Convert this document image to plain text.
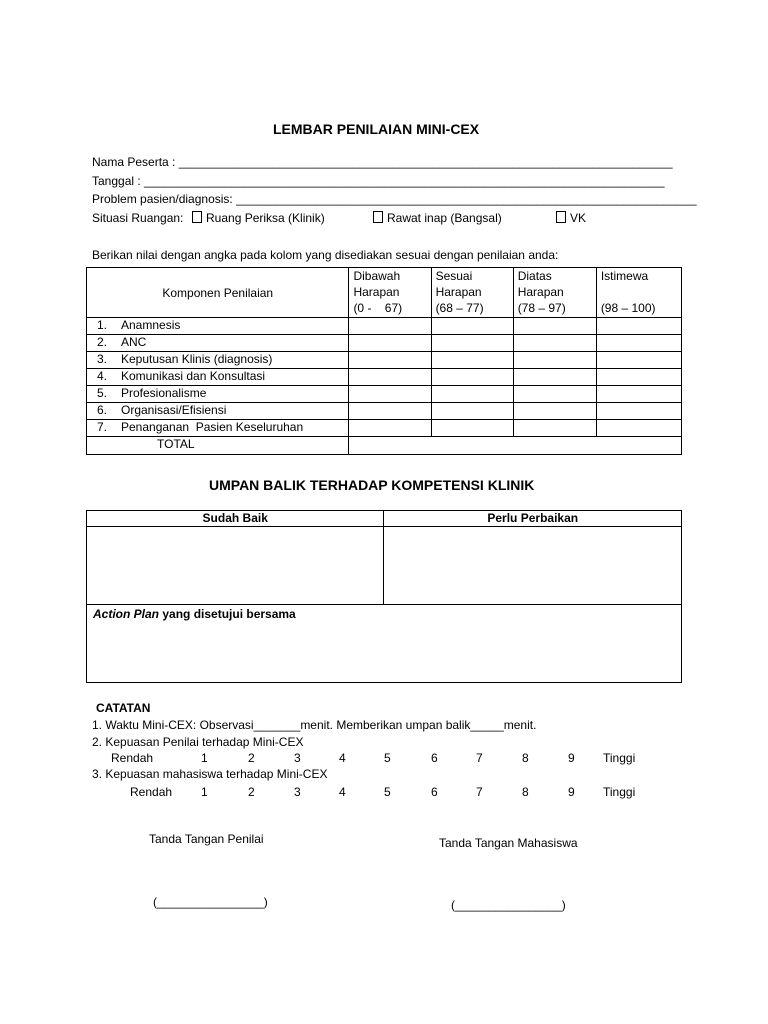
LEMBAR PENILAIAN MINI-CEX
Nama Peserta : __________________________________________________________________________
Tanggal : ______________________________________________________________________________
Problem pasien/diagnosis: _____________________________________________________________________
Situasi Ruangan:	Ruang Periksa (Klinik)	Rawat inap (Bangsal)	VK
Berikan nilai dengan angka pada kolom yang disediakan sesuai dengan penilaian anda:
Komponen Penilaian	Dibawah
Harapan
(0 -    67)	Sesuai
Harapan
(68 – 77)	Diatas
Harapan
(78 – 97)	Istimewa

(98 – 100)
1. Anamnesis				
2. ANC				
3. Keputusan Klinis (diagnosis)				
4. Komunikasi dan Konsultasi				
5. Profesionalisme				
6. Organisasi/Efisiensi				
7. Penanganan  Pasien Keseluruhan				
TOTAL				
UMPAN BALIK TERHADAP KOMPETENSI KLINIK
Sudah Baik	Perlu Perbaikan

Action Plan yang disetujui bersama	
CATATAN
1. Waktu Mini-CEX: Observasi_______menit. Memberikan umpan balik_____menit.
2. Kepuasan Penilai terhadap Mini-CEX
Rendah	1	2	3	4	5	6	7	8	9 Tinggi
3. Kepuasan mahasiswa terhadap Mini-CEX
Rendah 1	2	3	4	5	6	7	8	9 Tinggi
Tanda Tangan Penilai	Tanda Tangan Mahasiswa
(________________)	(________________)
